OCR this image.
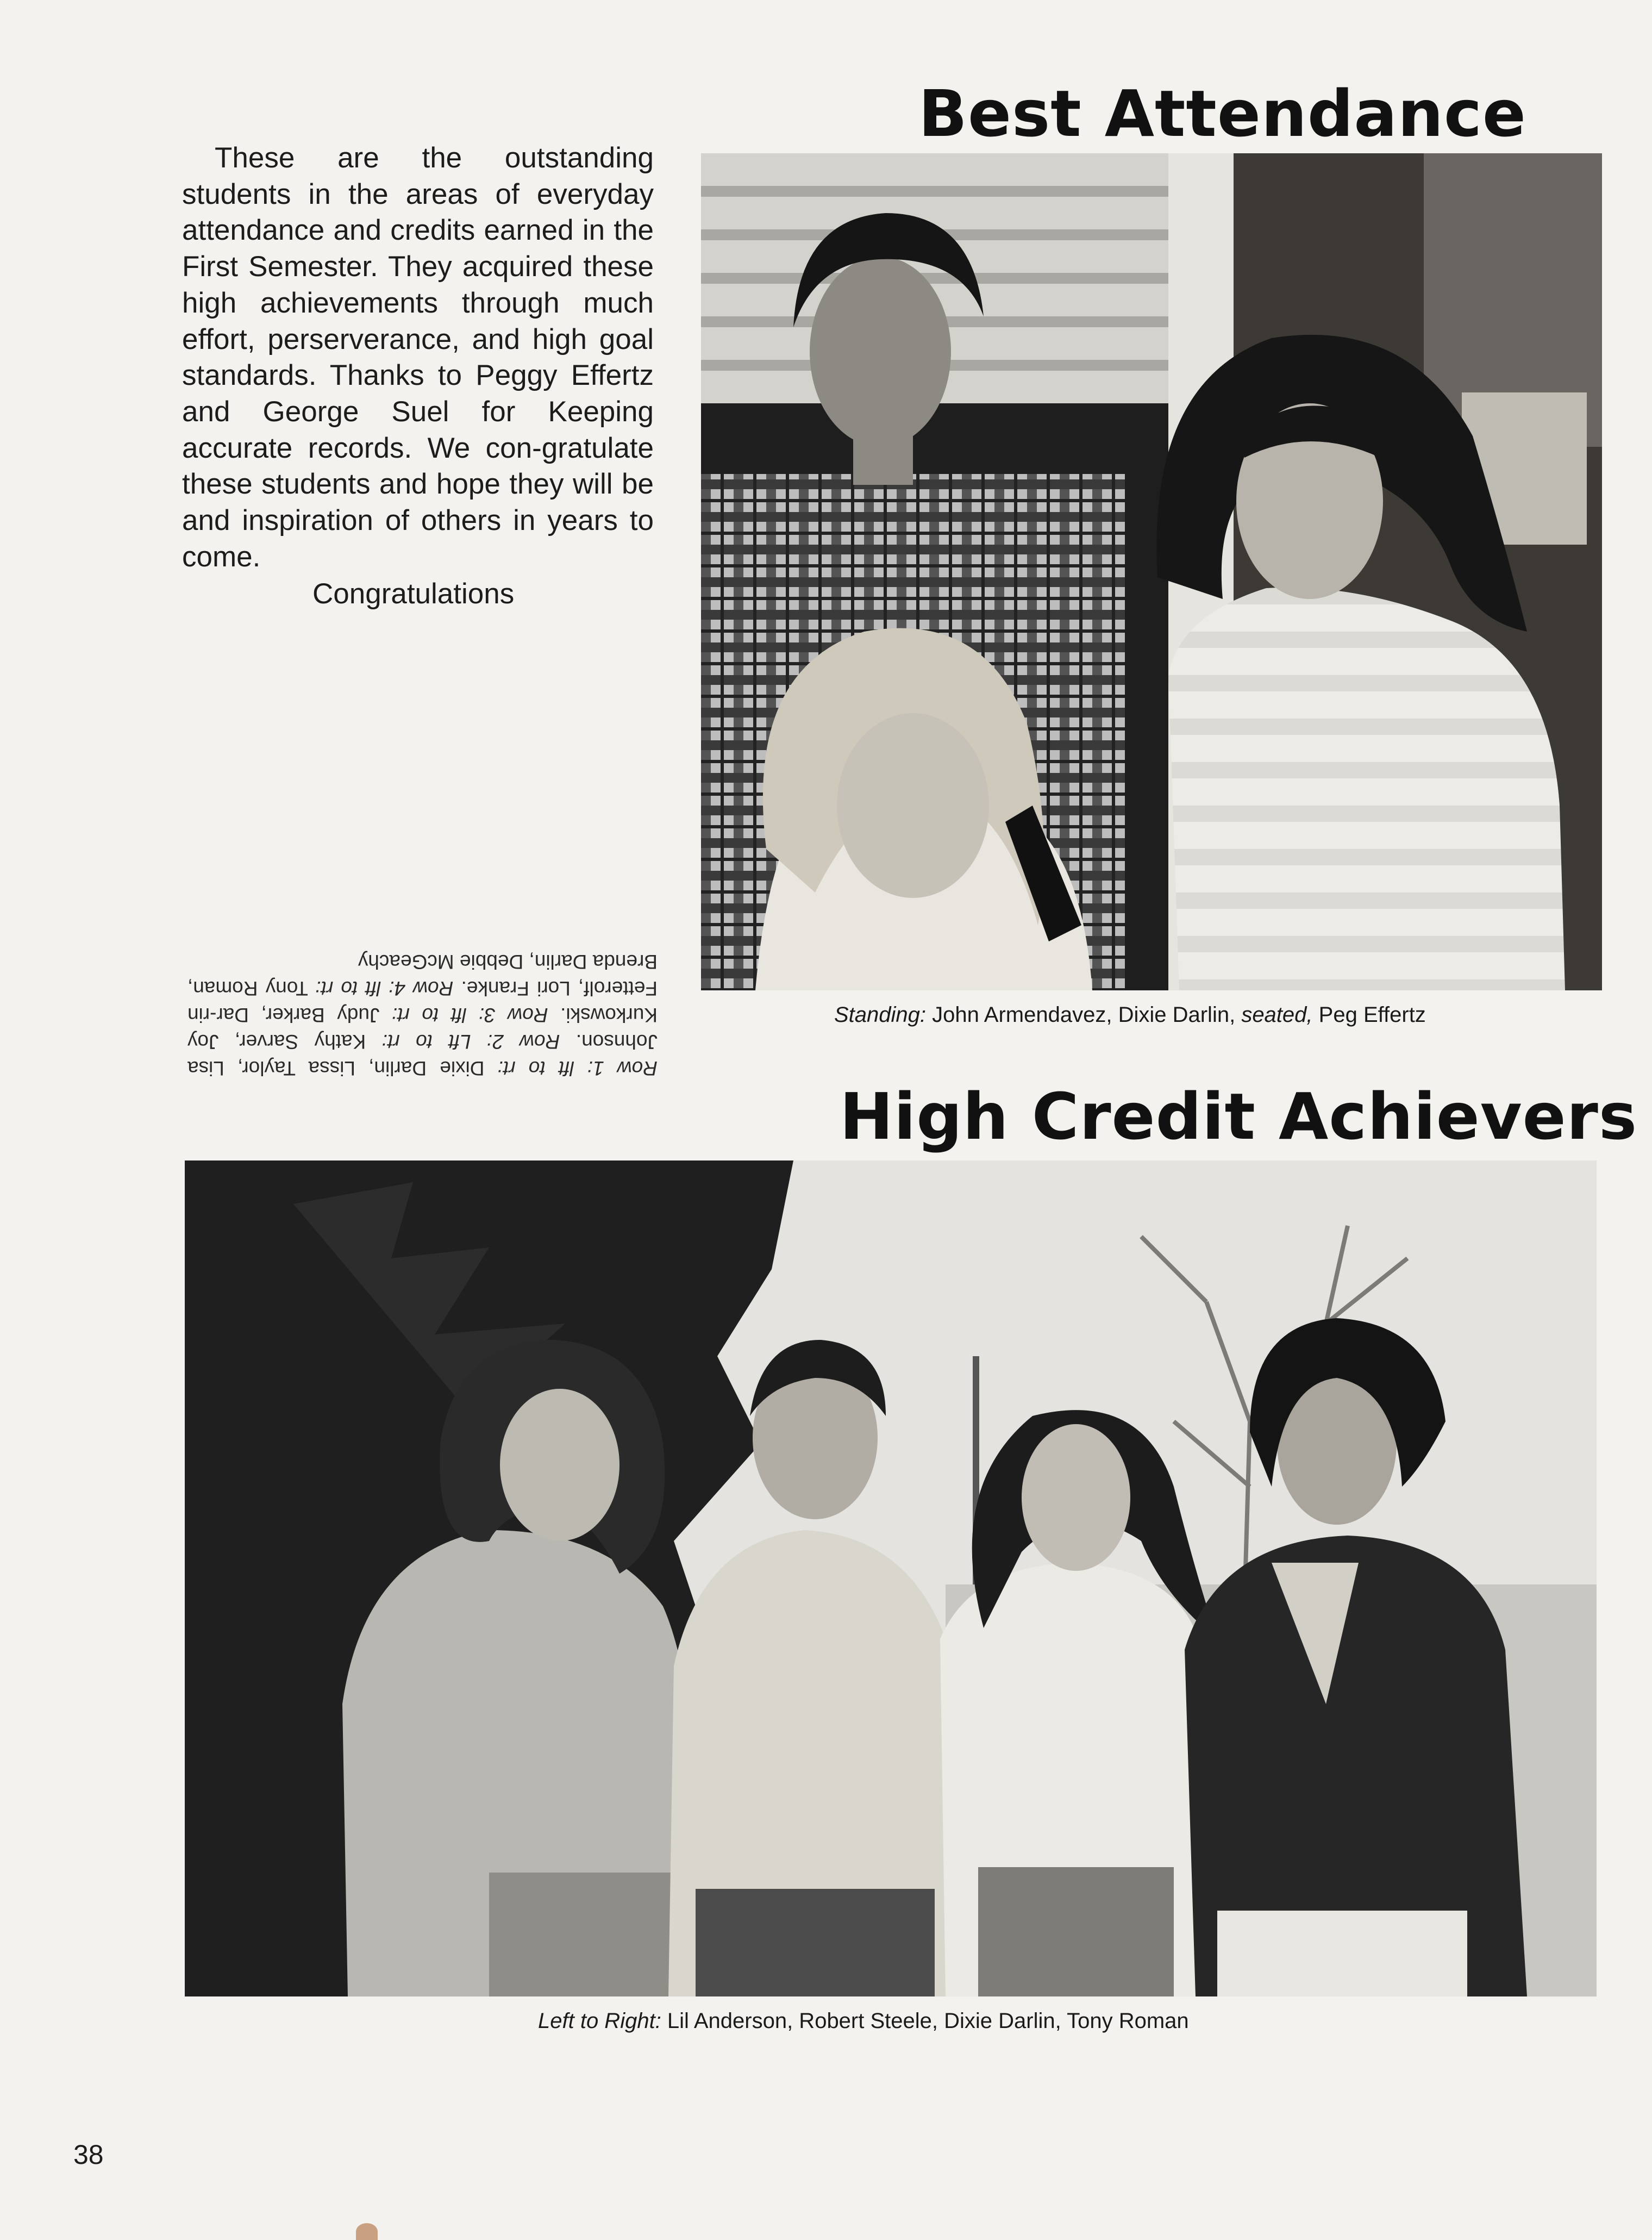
Best Attendance

These are the outstanding students in the areas of everyday attendance and credits earned in the First Semester. They acquired these high achievements through much effort, perserverance, and high goal standards. Thanks to Peggy Effertz and George Suel for Keeping accurate records. We con-gratulate these students and hope they will be and inspiration of others in years to come.

Congratulations

Row 1: lft to rt: Dixie Darlin, Lissa Taylor, Lisa Johnson. Row 2: Lft to rt: Kathy Sarver, Joy Kurkowski. Row 3: lft to rt: Judy Barker, Dar-rin Fetterolf, Lori Franke. Row 4: lft to rt: Tony Roman, Brenda Darlin, Debbie McGeachy

Standing: John Armendavez, Dixie Darlin, seated, Peg Effertz
High Credit Achievers
Left to Right: Lil Anderson, Robert Steele, Dixie Darlin, Tony Roman
38
